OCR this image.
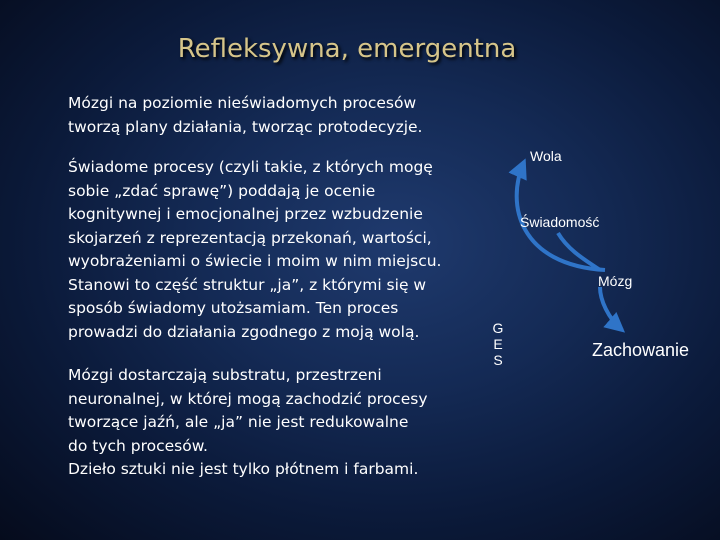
Refleksywna, emergentna

Mózgi na poziomie nieświadomych procesów
tworzą plany działania, tworząc protodecyzje.

Świadome procesy (czyli takie, z których mogę
sobie „zdać sprawę”) poddają je ocenie
kognitywnej i emocjonalnej przez wzbudzenie
skojarzeń z reprezentacją przekonań, wartości,
wyobrażeniami o świecie i moim w nim miejscu.
Stanowi to część struktur „ja”, z którymi się w
sposób świadomy utożsamiam. Ten proces
prowadzi do działania zgodnego z moją wolą.

Mózgi dostarczają substratu, przestrzeni
neuronalnej, w której mogą zachodzić procesy
tworzące jaźń, ale „ja” nie jest redukowalne
do tych procesów.
Dzieło sztuki nie jest tylko płótnem i farbami.

Wola
Świadomość
Mózg
Zachowanie
G
E
S
